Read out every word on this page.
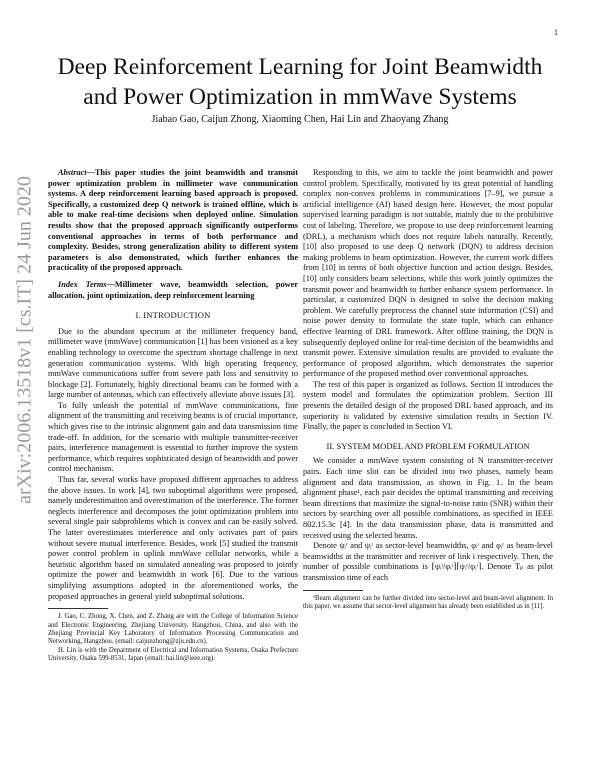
1
arXiv:2006.13518v1 [cs.IT] 24 Jun 2020
Deep Reinforcement Learning for Joint Beamwidth
and Power Optimization in mmWave Systems
Jiabao Gao, Caijun Zhong, Xiaoming Chen, Hai Lin and Zhaoyang Zhang

Abstract—This paper studies the joint beamwidth and transmit power optimization problem in millimeter wave communication systems. A deep reinforcement learning based approach is proposed. Specifically, a customized deep Q network is trained offline, which is able to make real-time decisions when deployed online. Simulation results show that the proposed approach significantly outperforms conventional approaches in terms of both performance and complexity. Besides, strong generalization ability to different system parameters is also demonstrated, which further enhances the practicality of the proposed approach.

Index Terms—Millimeter wave, beamwidth selection, power allocation, joint optimization, deep reinforcement learning

I. INTRODUCTION

Due to the abundant spectrum at the millimeter frequency band, millimeter wave (mmWave) communication [1] has been visioned as a key enabling technology to overcome the spectrum shortage challenge in next generation communication systems. With high operating frequency, mmWave communications suffer from severe path loss and sensitivity to blockage [2]. Fortunately, highly directional beams can be formed with a large number of antennas, which can effectively alleviate above issues [3].

To fully unleash the potential of mmWave communications, fine alignment of the transmitting and receiving beams is of crucial importance, which gives rise to the intrinsic alignment gain and data transmission time trade-off. In addition, for the scenario with multiple transmitter-receiver pairs, interference management is essential to further improve the system performance, which requires sophisticated design of beamwidth and power control mechanism.

Thus far, several works have proposed different approaches to address the above issues. In work [4], two suboptimal algorithms were proposed, namely underestimation and overestimation of the interference. The former neglects interference and decomposes the joint optimization problem into several single pair subproblems which is convex and can be easily solved. The latter overestimates interference and only activates part of pairs without severe mutual interference. Besides, work [5] studied the transmit power control problem in uplink mmWave cellular networks, while a heuristic algorithm based on simulated annealing was proposed to jointly optimize the power and beamwidth in work [6]. Due to the various simplifying assumptions adopted in the aforementioned works, the proposed approaches in general yield suboptimal solutions.

J. Gao, C. Zhong, X. Chen, and Z. Zhang are with the College of Information Science and Electronic Engineering, Zhejiang University, Hangzhou, China, and also with the Zhejiang Provincial Key Laboratory of Information Processing Communication and Networking, Hangzhou. (email: caijunzhong@zju.edu.cn).

H. Lin is with the Department of Electrical and Information Systems, Osaka Prefecture University, Osaka 599-8531, Japan (email: hai.lin@ieee.org).

Responding to this, we aim to tackle the joint beamwidth and power control problem. Specifically, motivated by its great potential of handling complex non-convex problems in communications [7–9], we pursue a artificial intelligence (AI) based design here. However, the most popular supervised learning paradigm is not suitable, mainly due to the prohibitive cost of labeling. Therefore, we propose to use deep reinforcement learning (DRL), a mechanism which does not require labels naturally. Recently, [10] also proposed to use deep Q network (DQN) to address decision making problems in beam optimization. However, the current work differs from [10] in terms of both objective function and action design. Besides, [10] only considers beam selections, while this work jointly optimizes the transmit power and beamwidth to further enhance system performance. In particular, a customized DQN is designed to solve the decision making problem. We carefully preprocess the channel state information (CSI) and noise power density to formulate the state tuple, which can enhance effective learning of DRL framework. After offline training, the DQN is subsequently deployed online for real-time decision of the beamwidths and transmit power. Extensive simulation results are provided to evaluate the performance of proposed algorithm, which demonstrates the superior performance of the proposed method over conventional approaches.

The rest of this paper is organized as follows. Section II introduces the system model and formulates the optimization problem. Section III presents the detailed design of the proposed DRL based approach, and its superiority is validated by extensive simulation results in Section IV. Finally, the paper is concluded in Section VI.

II. SYSTEM MODEL AND PROBLEM FORMULATION

We consider a mmWave system consisting of N transmitter-receiver pairs. Each time slot can be divided into two phases, namely beam alignment and data transmission, as shown in Fig. 1. In the beam alignment phase¹, each pair decides the optimal transmitting and receiving beam directions that maximize the signal-to-noise ratio (SNR) within their sectors by searching over all possible combinations, as specified in IEEE 802.15.3c [4]. In the data transmission phase, data is transmitted and received using the selected beams.

Denote ψᵢᵗ and ψᵢʳ as sector-level beamwidths, φᵢᵗ and φᵢʳ as beam-level beamwidths at the transmitter and receiver of link i respectively. Then, the number of possible combinations is ⌈ψᵢᵗ/φᵢᵗ⌉⌈ψᵢʳ/φᵢʳ⌉. Denote Tₚ as pilot transmission time of each

¹Beam alignment can be further divided into sector-level and beam-level alignment. In this paper, we assume that sector-level alignment has already been established as in [11].
